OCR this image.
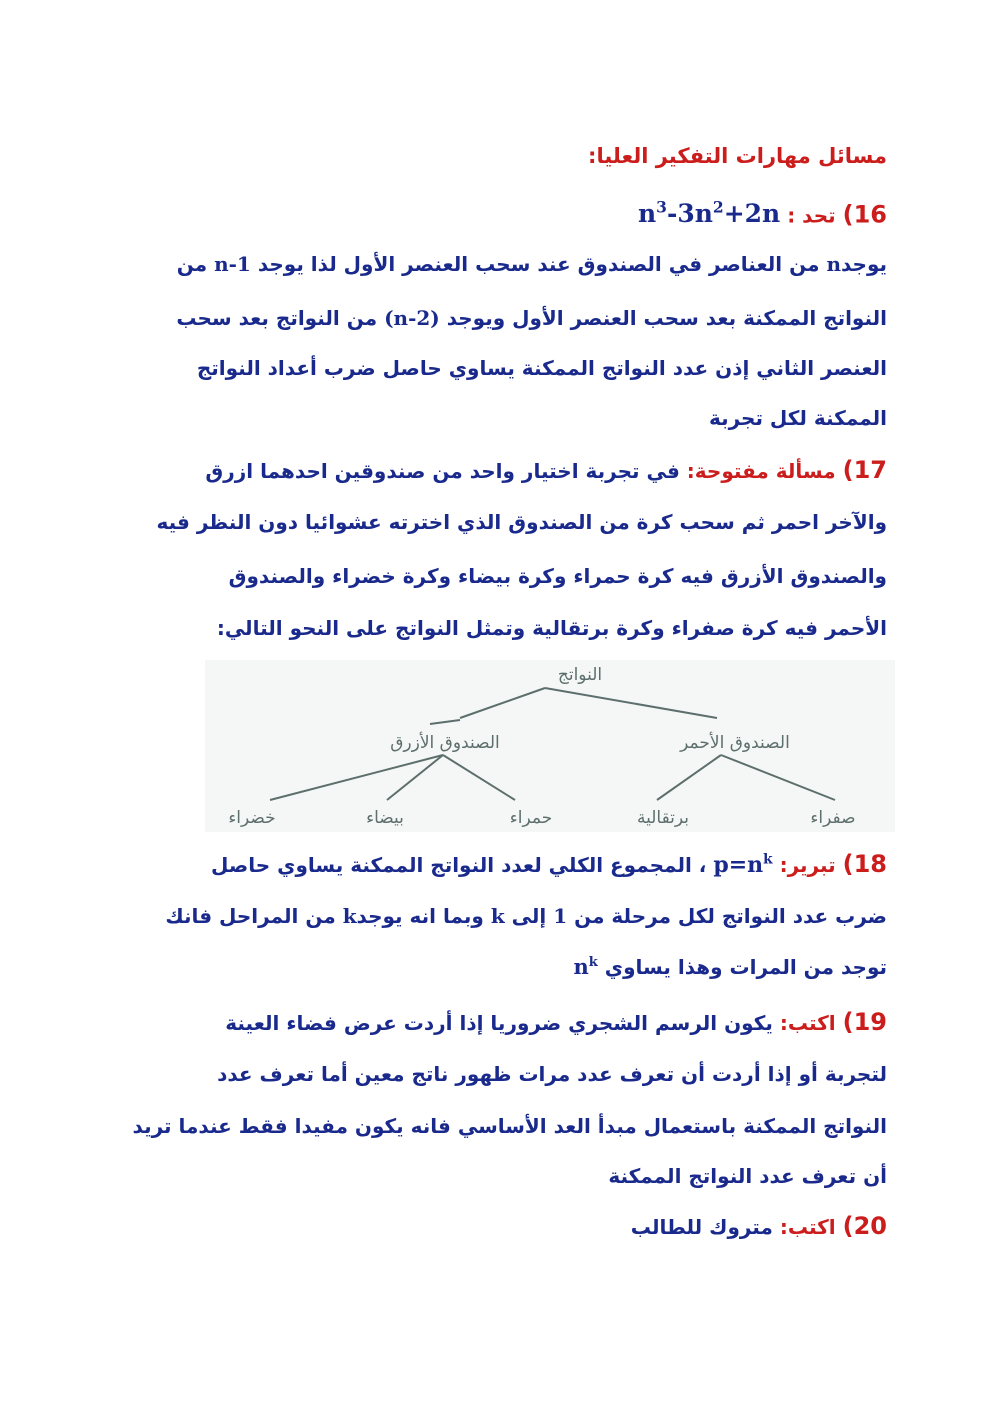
مسائل مهارات التفكير العليا:
16) تحد : $n^3-3n^2+2n$
يوجدn من العناصر في الصندوق عند سحب العنصر الأول لذا يوجد n-1 من
النواتج الممكنة بعد سحب العنصر الأول ويوجد (n-2) من النواتج بعد سحب
العنصر الثاني إذن عدد النواتج الممكنة يساوي حاصل ضرب أعداد النواتج
الممكنة لكل تجربة
17) مسألة مفتوحة: في تجربة اختيار واحد من صندوقين احدهما ازرق
والآخر احمر ثم سحب كرة من الصندوق الذي اخترته عشوائيا دون النظر فيه
والصندوق الأزرق فيه كرة حمراء وكرة بيضاء وكرة خضراء والصندوق
الأحمر فيه كرة صفراء وكرة برتقالية وتمثل النواتج على النحو التالي:
النواتج
الصندوق الأزرق	الصندوق الأحمر
خضراء	بيضاء	حمراء	برتقالية	صفراء
18) تبرير: $p=n^k$ ، المجموع الكلي لعدد النواتج الممكنة يساوي حاصل
ضرب عدد النواتج لكل مرحلة من 1 إلى k وبما انه يوجدk من المراحل فانك
توجد من المرات وهذا يساوي $n^k$
19) اكتب: يكون الرسم الشجري ضروريا إذا أردت عرض فضاء العينة
لتجربة أو إذا أردت أن تعرف عدد مرات ظهور ناتج معين أما تعرف عدد
النواتج الممكنة باستعمال مبدأ العد الأساسي فانه يكون مفيدا فقط عندما تريد
أن تعرف عدد النواتج الممكنة
20) اكتب: متروك للطالب
